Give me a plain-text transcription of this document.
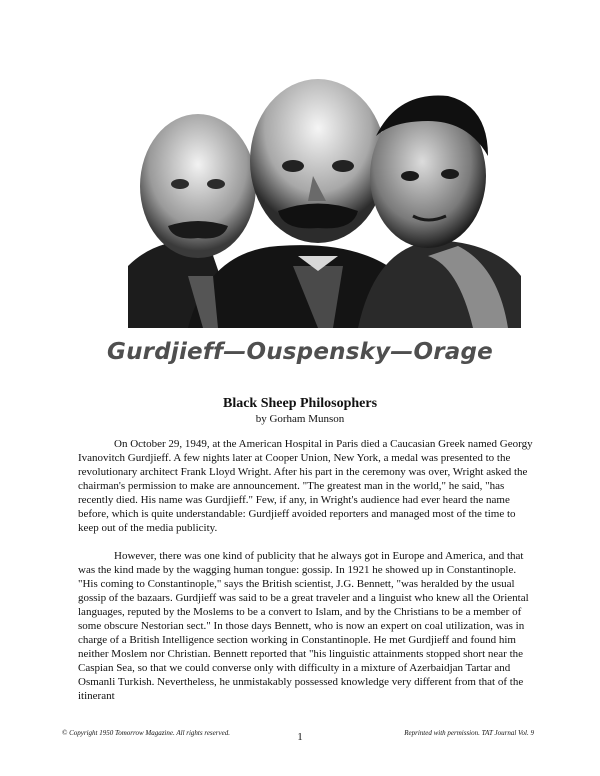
Gurdjieff—Ouspensky—Orage
Black Sheep Philosophers
by Gorham Munson

On October 29, 1949, at the American Hospital in Paris died a Caucasian Greek named Georgy Ivanovitch Gurdjieff. A few nights later at Cooper Union, New York, a medal was presented to the revolutionary architect Frank Lloyd Wright. After his part in the ceremony was over, Wright asked the chairman's permission to make are announcement. "The greatest man in the world," he said, "has recently died. His name was Gurdjieff." Few, if any, in Wright's audience had ever heard the name before, which is quite understandable: Gurdjieff avoided reporters and managed most of the time to keep out of the media publicity.

However, there was one kind of publicity that he always got in Europe and America, and that was the kind made by the wagging human tongue: gossip. In 1921 he showed up in Constantinople. "His coming to Constantinople," says the British scientist, J.G. Bennett, "was heralded by the usual gossip of the bazaars. Gurdjieff was said to be a great traveler and a linguist who knew all the Oriental languages, reputed by the Moslems to be a convert to Islam, and by the Christians to be a member of some obscure Nestorian sect." In those days Bennett, who is now an expert on coal utilization, was in charge of a British Intelligence section working in Constantinople. He met Gurdjieff and found him neither Moslem nor Christian. Bennett reported that "his linguistic attainments stopped short near the Caspian Sea, so that we could converse only with difficulty in a mixture of Azerbaidjan Tartar and Osmanli Turkish. Nevertheless, he unmistakably possessed knowledge very different from that of the itinerant

© Copyright 1950 Tomorrow Magazine. All rights reserved.	1	Reprinted with permission. TAT Journal Vol. 9
